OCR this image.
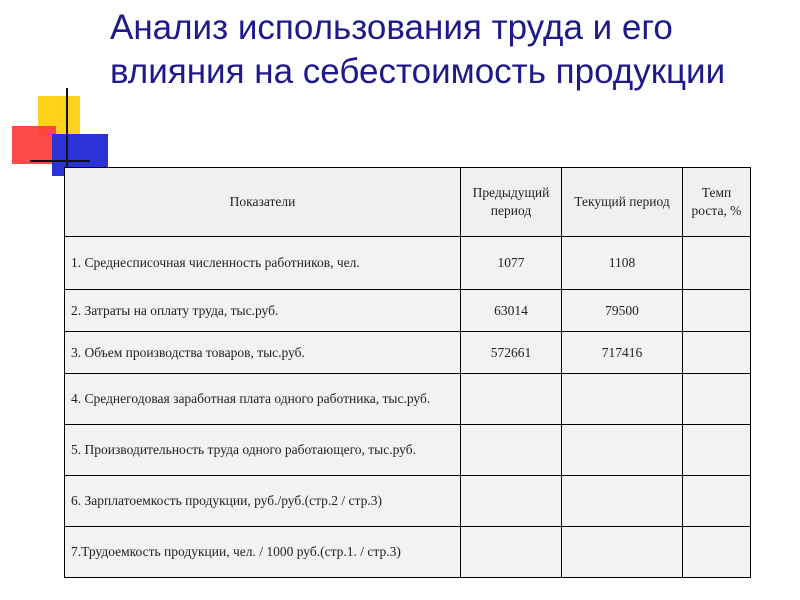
Анализ использования труда и его влияния на себестоимость продукции
Показатели	Предыдущий период	Текущий период	Темп роста, %

1. Среднесписочная численность работников, чел.	1077	1108	

2. Затраты на оплату труда, тыс.руб.	63014	79500	

3. Объем производства товаров, тыс.руб.	572661	717416	

4. Среднегодовая заработная плата одного работника, тыс.руб.			

5. Производительность труда одного работающего, тыс.руб.			

6. Зарплатоемкость продукции, руб./руб.(стр.2 / стр.3)			

7.Трудоемкость продукции, чел. / 1000 руб.(стр.1. / стр.3)			
